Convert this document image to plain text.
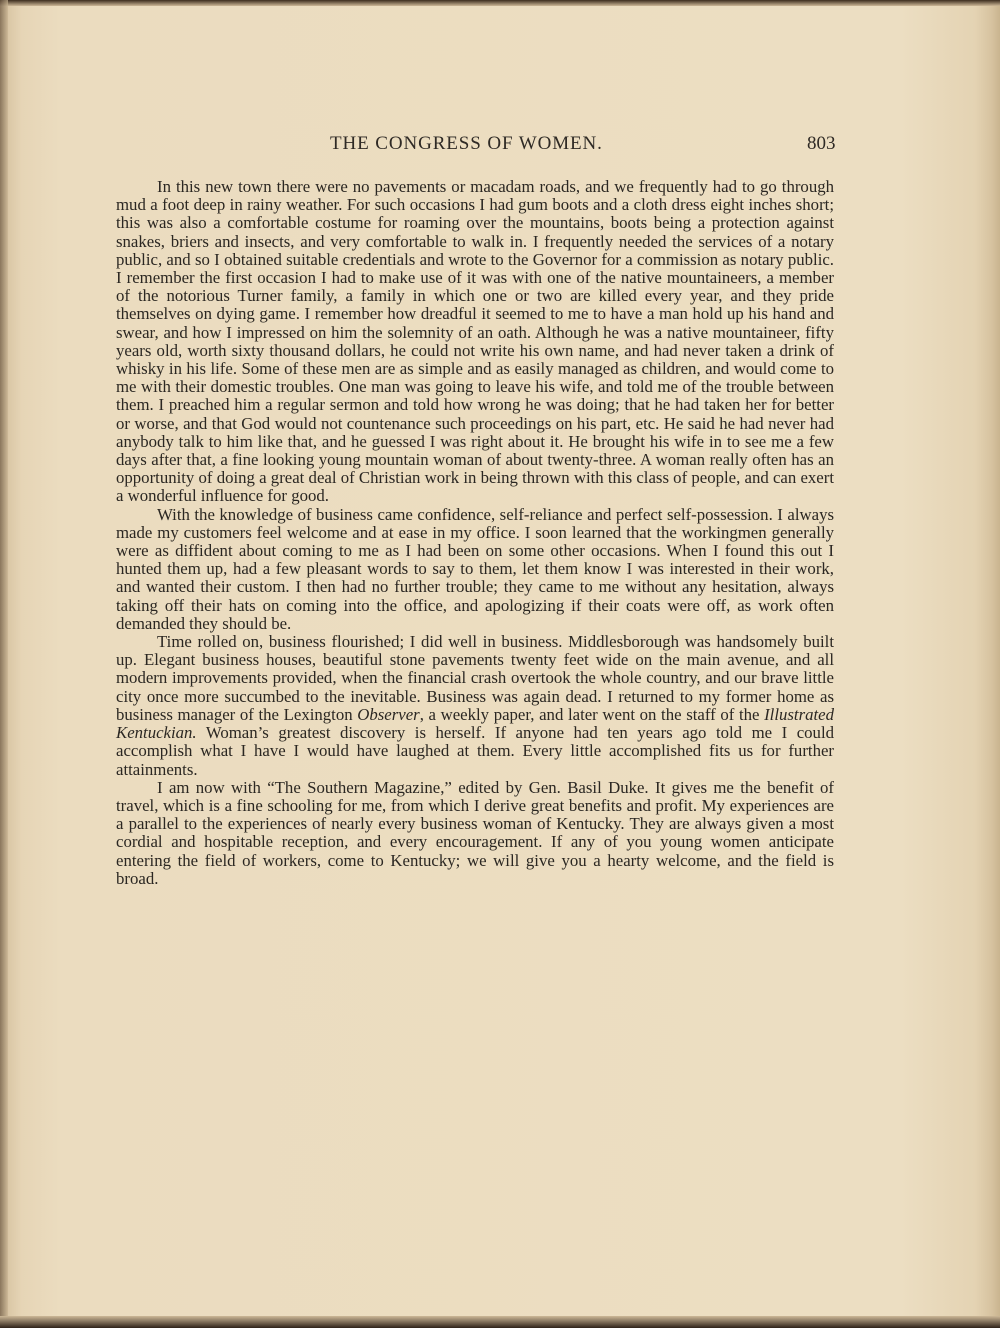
THE CONGRESS OF WOMEN.	803

In this new town there were no pavements or macadam roads, and we frequently had to go through mud a foot deep in rainy weather. For such occasions I had gum boots and a cloth dress eight inches short; this was also a comfortable costume for roaming over the mountains, boots being a protection against snakes, briers and insects, and very comfortable to walk in. I frequently needed the services of a notary public, and so I obtained suitable credentials and wrote to the Governor for a commission as notary public. I remember the first occasion I had to make use of it was with one of the native mountaineers, a member of the notorious Turner family, a family in which one or two are killed every year, and they pride themselves on dying game. I remember how dreadful it seemed to me to have a man hold up his hand and swear, and how I impressed on him the solemnity of an oath. Although he was a native mountaineer, fifty years old, worth sixty thousand dollars, he could not write his own name, and had never taken a drink of whisky in his life. Some of these men are as simple and as easily managed as children, and would come to me with their domestic troubles. One man was going to leave his wife, and told me of the trouble between them. I preached him a regular sermon and told how wrong he was doing; that he had taken her for better or worse, and that God would not countenance such proceedings on his part, etc. He said he had never had anybody talk to him like that, and he guessed I was right about it. He brought his wife in to see me a few days after that, a fine looking young mountain woman of about twenty-three. A woman really often has an opportunity of doing a great deal of Christian work in being thrown with this class of people, and can exert a wonderful influence for good.

With the knowledge of business came confidence, self-reliance and perfect self-possession. I always made my customers feel welcome and at ease in my office. I soon learned that the workingmen generally were as diffident about coming to me as I had been on some other occasions. When I found this out I hunted them up, had a few pleasant words to say to them, let them know I was interested in their work, and wanted their custom. I then had no further trouble; they came to me without any hesitation, always taking off their hats on coming into the office, and apologizing if their coats were off, as work often demanded they should be.

Time rolled on, business flourished; I did well in business. Middlesborough was handsomely built up. Elegant business houses, beautiful stone pavements twenty feet wide on the main avenue, and all modern improvements provided, when the financial crash overtook the whole country, and our brave little city once more succumbed to the inevitable. Business was again dead. I returned to my former home as business manager of the Lexington Observer, a weekly paper, and later went on the staff of the Illustrated Kentuckian. Woman’s greatest discovery is herself. If anyone had ten years ago told me I could accomplish what I have I would have laughed at them. Every little accomplished fits us for further attainments.

I am now with “The Southern Magazine,” edited by Gen. Basil Duke. It gives me the benefit of travel, which is a fine schooling for me, from which I derive great benefits and profit. My experiences are a parallel to the experiences of nearly every business woman of Kentucky. They are always given a most cordial and hospitable reception, and every encouragement. If any of you young women anticipate entering the field of workers, come to Kentucky; we will give you a hearty welcome, and the field is broad.
